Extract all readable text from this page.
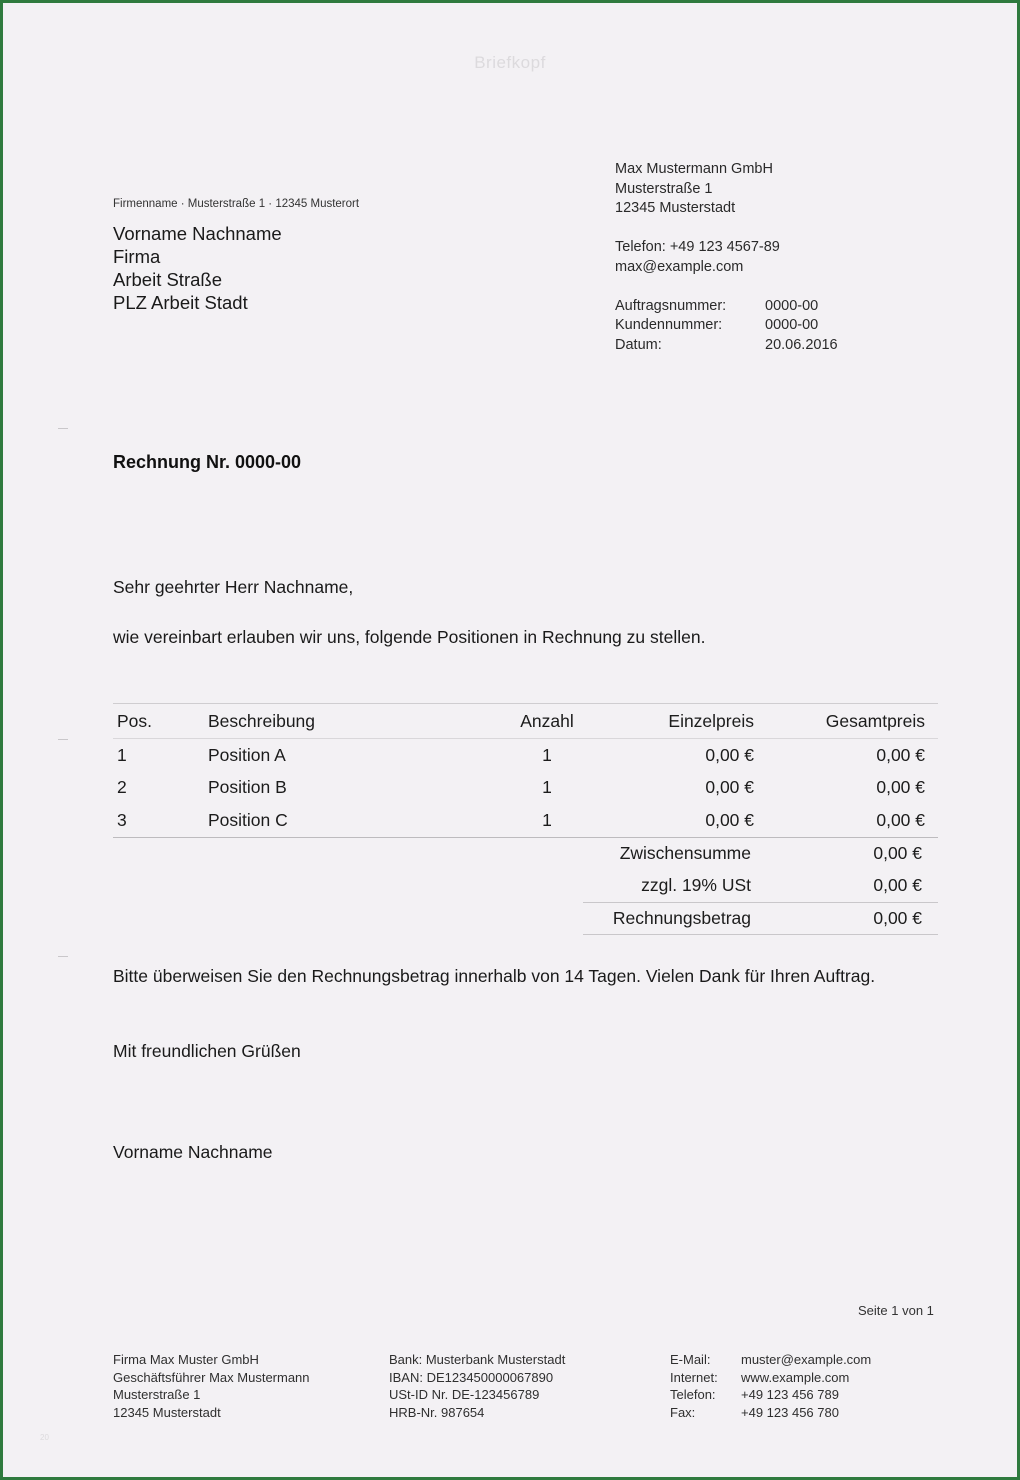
Briefkopf
Firmenname · Musterstraße 1 · 12345 Musterort
Vorname Nachname
Firma
Arbeit Straße
PLZ Arbeit Stadt
Max Mustermann GmbH
Musterstraße 1
12345 Musterstadt
Telefon: +49 123 4567-89
max@example.com
Auftragsnummer:	0000-00
Kundennummer:	0000-00
Datum:	20.06.2016
Rechnung Nr. 0000-00
Sehr geehrter Herr Nachname,
wie vereinbart erlauben wir uns, folgende Positionen in Rechnung zu stellen.
Pos.	Beschreibung	Anzahl	Einzelpreis	Gesamtpreis
1	Position A	1	0,00 €	0,00 €
2	Position B	1	0,00 €	0,00 €
3	Position C	1	0,00 €	0,00 €
Zwischensumme	0,00 €
zzgl. 19% USt	0,00 €
Rechnungsbetrag	0,00 €
Bitte überweisen Sie den Rechnungsbetrag innerhalb von 14 Tagen. Vielen Dank für Ihren Auftrag.
Mit freundlichen Grüßen
Vorname Nachname
Seite 1 von 1
Firma Max Muster GmbH
Geschäftsführer Max Mustermann
Musterstraße 1
12345 Musterstadt
Bank: Musterbank Musterstadt
IBAN: DE123450000067890
USt-ID Nr. DE-123456789
HRB-Nr. 987654
E-Mail:	muster@example.com
Internet:	www.example.com
Telefon:	+49 123 456 789
Fax:	+49 123 456 780
20
